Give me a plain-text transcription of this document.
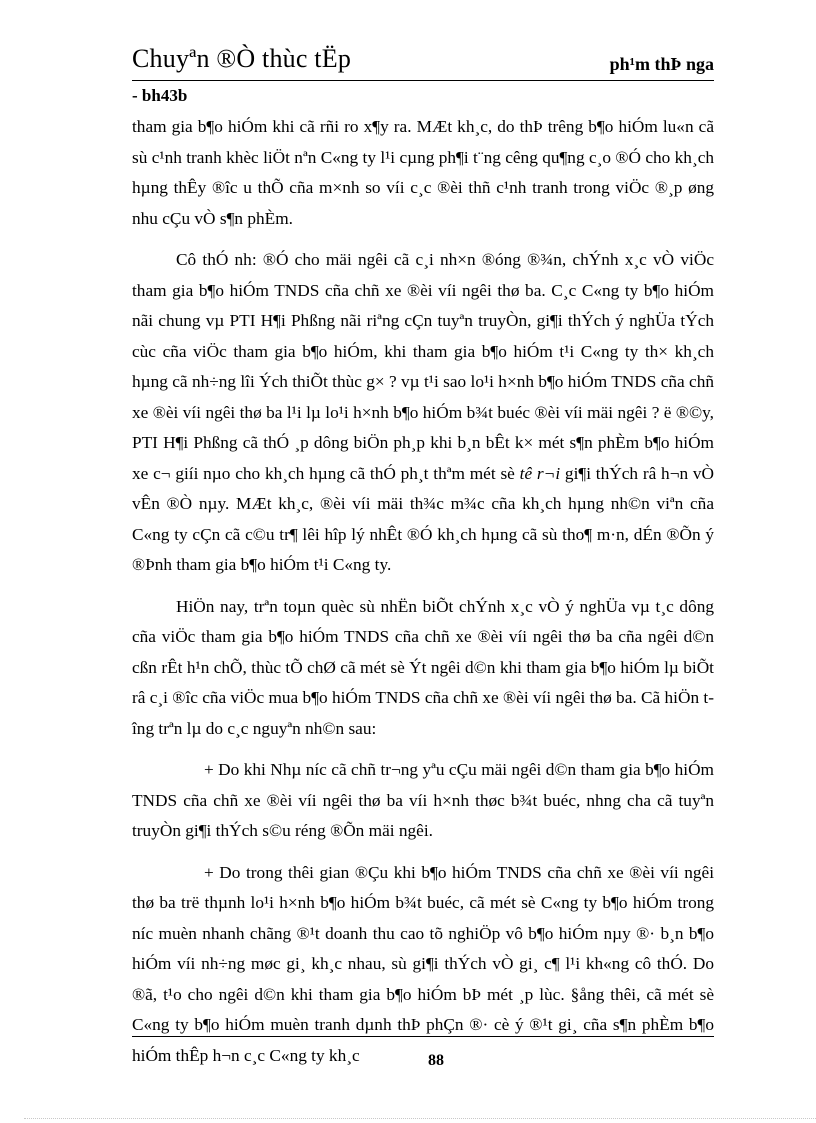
Chuyªn ®Ò thùc tËp	ph¹m thÞ nga
- bh43b

tham gia b¶o hiÓm khi cã rñi ro x¶y ra. MÆt kh¸c, do thÞ trêng b¶o hiÓm lu«n cã sù c¹nh tranh khèc liÖt nªn C«ng ty l¹i cµng ph¶i t¨ng cêng qu¶ng c¸o ®Ó cho kh¸ch hµng thÊy ®îc u thÕ cña m×nh so víi c¸c ®èi thñ c¹nh tranh trong viÖc ®¸p øng nhu cÇu vÒ s¶n phÈm.

Cô thÓ nh: ®Ó cho mäi ngêi cã c¸i nh×n ®óng ®¾n, chÝnh x¸c vÒ viÖc tham gia b¶o hiÓm TNDS cña chñ xe ®èi víi ngêi thø ba. C¸c C«ng ty b¶o hiÓm nãi chung vµ PTI H¶i Phßng nãi riªng cÇn tuyªn truyÒn, gi¶i thÝch ý nghÜa tÝch cùc cña viÖc tham gia b¶o hiÓm, khi tham gia b¶o hiÓm t¹i C«ng ty th× kh¸ch hµng cã nh÷ng lîi Ých thiÕt thùc g× ? vµ t¹i sao lo¹i h×nh b¶o hiÓm TNDS cña chñ xe ®èi víi ngêi thø ba l¹i lµ lo¹i h×nh b¶o hiÓm b¾t buéc ®èi víi mäi ngêi ? ë ®©y, PTI H¶i Phßng cã thÓ ¸p dông biÖn ph¸p khi b¸n bÊt k× mét s¶n phÈm b¶o hiÓm xe c¬ giíi nµo cho kh¸ch hµng cã thÓ ph¸t thªm mét sè tê r¬i gi¶i thÝch râ h¬n vÒ vÊn ®Ò nµy. MÆt kh¸c, ®èi víi mäi th¾c m¾c cña kh¸ch hµng nh©n viªn cña C«ng ty cÇn cã c©u tr¶ lêi hîp lý nhÊt ®Ó kh¸ch hµng cã sù tho¶ m·n, dÉn ®Õn ý ®Þnh tham gia b¶o hiÓm t¹i C«ng ty.

HiÖn nay, trªn toµn quèc sù nhËn biÕt chÝnh x¸c vÒ ý nghÜa vµ t¸c dông cña viÖc tham gia b¶o hiÓm TNDS cña chñ xe ®èi víi ngêi thø ba cña ngêi d©n cßn rÊt h¹n chÕ, thùc tÕ chØ cã mét sè Ýt ngêi d©n khi tham gia b¶o hiÓm lµ biÕt râ c¸i ®îc cña viÖc mua b¶o hiÓm TNDS cña chñ xe ®èi víi ngêi thø ba. Cã hiÖn tîng trªn lµ do c¸c nguyªn nh©n sau:

+ Do khi Nhµ níc cã chñ tr¬ng yªu cÇu mäi ngêi d©n tham gia b¶o hiÓm TNDS cña chñ xe ®èi víi ngêi thø ba víi h×nh thøc b¾t buéc, nhng cha cã tuyªn truyÒn gi¶i thÝch s©u réng ®Õn mäi ngêi.

+ Do trong thêi gian ®Çu khi b¶o hiÓm TNDS cña chñ xe ®èi víi ngêi thø ba trë thµnh lo¹i h×nh b¶o hiÓm b¾t buéc, cã mét sè C«ng ty b¶o hiÓm trong níc muèn nhanh chãng ®¹t doanh thu cao tõ nghiÖp vô b¶o hiÓm nµy ®· b¸n b¶o hiÓm víi nh÷ng møc gi¸ kh¸c nhau, sù gi¶i thÝch vÒ gi¸ c¶ l¹i kh«ng cô thÓ. Do ®ã, t¹o cho ngêi d©n khi tham gia b¶o hiÓm bÞ mét ¸p lùc. §ång thêi, cã mét sè C«ng ty b¶o hiÓm muèn tranh dµnh thÞ phÇn ®· cè ý ®¹t gi¸ cña s¶n phÈm b¶o hiÓm thÊp h¬n c¸c C«ng ty kh¸c	88
